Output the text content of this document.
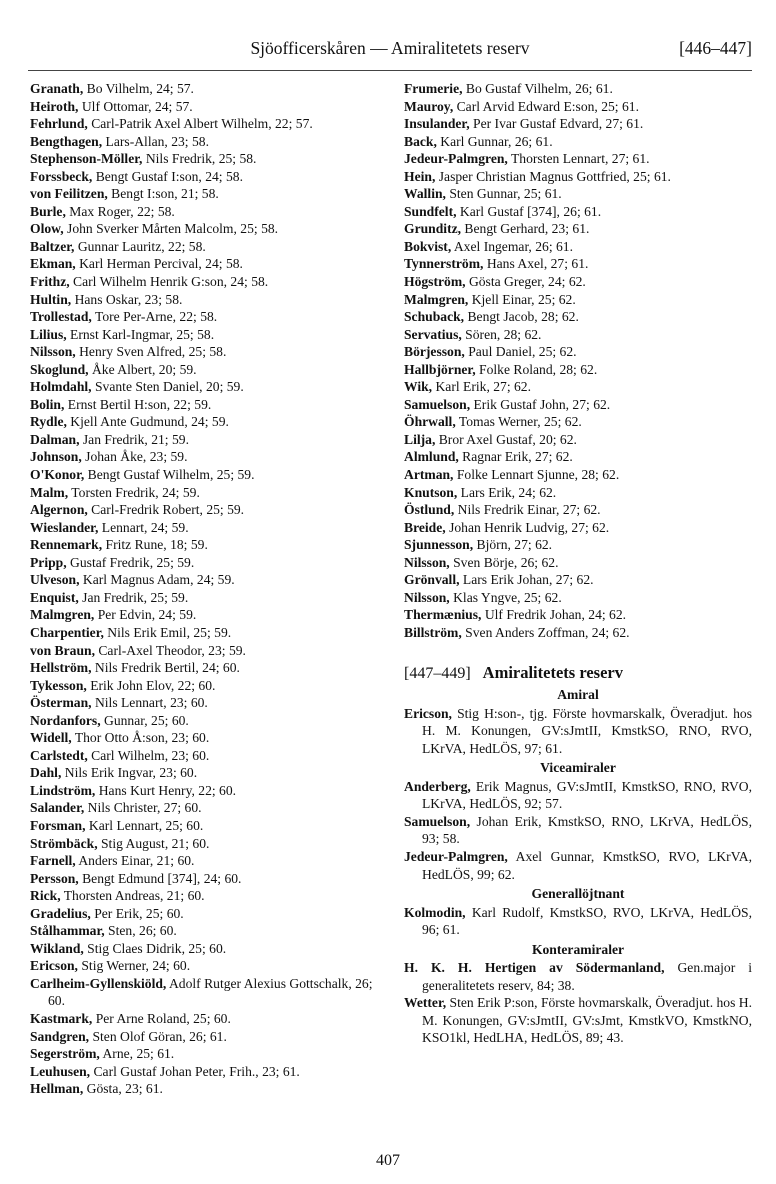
Sjöofficerskåren — Amiralitetets reserv	[446–447]

Granath, Bo Vilhelm, 24; 57.

Heiroth, Ulf Ottomar, 24; 57.

Fehrlund, Carl-Patrik Axel Albert Wilhelm, 22; 57.

Bengthagen, Lars-Allan, 23; 58.

Stephenson-Möller, Nils Fredrik, 25; 58.

Forssbeck, Bengt Gustaf I:son, 24; 58.

von Feilitzen, Bengt I:son, 21; 58.

Burle, Max Roger, 22; 58.

Olow, John Sverker Mårten Malcolm, 25; 58.

Baltzer, Gunnar Lauritz, 22; 58.

Ekman, Karl Herman Percival, 24; 58.

Frithz, Carl Wilhelm Henrik G:son, 24; 58.

Hultin, Hans Oskar, 23; 58.

Trollestad, Tore Per-Arne, 22; 58.

Lilius, Ernst Karl-Ingmar, 25; 58.

Nilsson, Henry Sven Alfred, 25; 58.

Skoglund, Åke Albert, 20; 59.

Holmdahl, Svante Sten Daniel, 20; 59.

Bolin, Ernst Bertil H:son, 22; 59.

Rydle, Kjell Ante Gudmund, 24; 59.

Dalman, Jan Fredrik, 21; 59.

Johnson, Johan Åke, 23; 59.

O'Konor, Bengt Gustaf Wilhelm, 25; 59.

Malm, Torsten Fredrik, 24; 59.

Algernon, Carl-Fredrik Robert, 25; 59.

Wieslander, Lennart, 24; 59.

Rennemark, Fritz Rune, 18; 59.

Pripp, Gustaf Fredrik, 25; 59.

Ulveson, Karl Magnus Adam, 24; 59.

Enquist, Jan Fredrik, 25; 59.

Malmgren, Per Edvin, 24; 59.

Charpentier, Nils Erik Emil, 25; 59.

von Braun, Carl-Axel Theodor, 23; 59.

Hellström, Nils Fredrik Bertil, 24; 60.

Tykesson, Erik John Elov, 22; 60.

Österman, Nils Lennart, 23; 60.

Nordanfors, Gunnar, 25; 60.

Widell, Thor Otto Å:son, 23; 60.

Carlstedt, Carl Wilhelm, 23; 60.

Dahl, Nils Erik Ingvar, 23; 60.

Lindström, Hans Kurt Henry, 22; 60.

Salander, Nils Christer, 27; 60.

Forsman, Karl Lennart, 25; 60.

Strömbäck, Stig August, 21; 60.

Farnell, Anders Einar, 21; 60.

Persson, Bengt Edmund [374], 24; 60.

Rick, Thorsten Andreas, 21; 60.

Gradelius, Per Erik, 25; 60.

Stålhammar, Sten, 26; 60.

Wikland, Stig Claes Didrik, 25; 60.

Ericson, Stig Werner, 24; 60.

Carlheim-Gyllenskiöld, Adolf Rutger Alexius Gottschalk, 26; 60.

Kastmark, Per Arne Roland, 25; 60.

Sandgren, Sten Olof Göran, 26; 61.

Segerström, Arne, 25; 61.

Leuhusen, Carl Gustaf Johan Peter, Frih., 23; 61.

Hellman, Gösta, 23; 61.

Frumerie, Bo Gustaf Vilhelm, 26; 61.

Mauroy, Carl Arvid Edward E:son, 25; 61.

Insulander, Per Ivar Gustaf Edvard, 27; 61.

Back, Karl Gunnar, 26; 61.

Jedeur-Palmgren, Thorsten Lennart, 27; 61.

Hein, Jasper Christian Magnus Gottfried, 25; 61.

Wallin, Sten Gunnar, 25; 61.

Sundfelt, Karl Gustaf [374], 26; 61.

Grunditz, Bengt Gerhard, 23; 61.

Bokvist, Axel Ingemar, 26; 61.

Tynnerström, Hans Axel, 27; 61.

Högström, Gösta Greger, 24; 62.

Malmgren, Kjell Einar, 25; 62.

Schuback, Bengt Jacob, 28; 62.

Servatius, Sören, 28; 62.

Börjesson, Paul Daniel, 25; 62.

Hallbjörner, Folke Roland, 28; 62.

Wik, Karl Erik, 27; 62.

Samuelson, Erik Gustaf John, 27; 62.

Öhrwall, Tomas Werner, 25; 62.

Lilja, Bror Axel Gustaf, 20; 62.

Almlund, Ragnar Erik, 27; 62.

Artman, Folke Lennart Sjunne, 28; 62.

Knutson, Lars Erik, 24; 62.

Östlund, Nils Fredrik Einar, 27; 62.

Breide, Johan Henrik Ludvig, 27; 62.

Sjunnesson, Björn, 27; 62.

Nilsson, Sven Börje, 26; 62.

Grönvall, Lars Erik Johan, 27; 62.

Nilsson, Klas Yngve, 25; 62.

Thermænius, Ulf Fredrik Johan, 24; 62.

Billström, Sven Anders Zoffman, 24; 62.

[447–449] Amiralitetets reserv
Amiral

Ericson, Stig H:son-, tjg. Förste hovmarskalk, Överadjut. hos H. M. Konungen, GV:sJmtII, KmstkSO, RNO, RVO, LKrVA, HedLÖS, 97; 61.

Viceamiraler

Anderberg, Erik Magnus, GV:sJmtII, KmstkSO, RNO, RVO, LKrVA, HedLÖS, 92; 57.

Samuelson, Johan Erik, KmstkSO, RNO, LKrVA, HedLÖS, 93; 58.

Jedeur-Palmgren, Axel Gunnar, KmstkSO, RVO, LKrVA, HedLÖS, 99; 62.

Generallöjtnant

Kolmodin, Karl Rudolf, KmstkSO, RVO, LKrVA, HedLÖS, 96; 61.

Konteramiraler

H. K. H. Hertigen av Södermanland, Gen.major i generalitetets reserv, 84; 38.

Wetter, Sten Erik P:son, Förste hovmarskalk, Överadjut. hos H. M. Konungen, GV:sJmtII, GV:sJmt, KmstkVO, KmstkNO, KSO1kl, HedLHA, HedLÖS, 89; 43.

407
